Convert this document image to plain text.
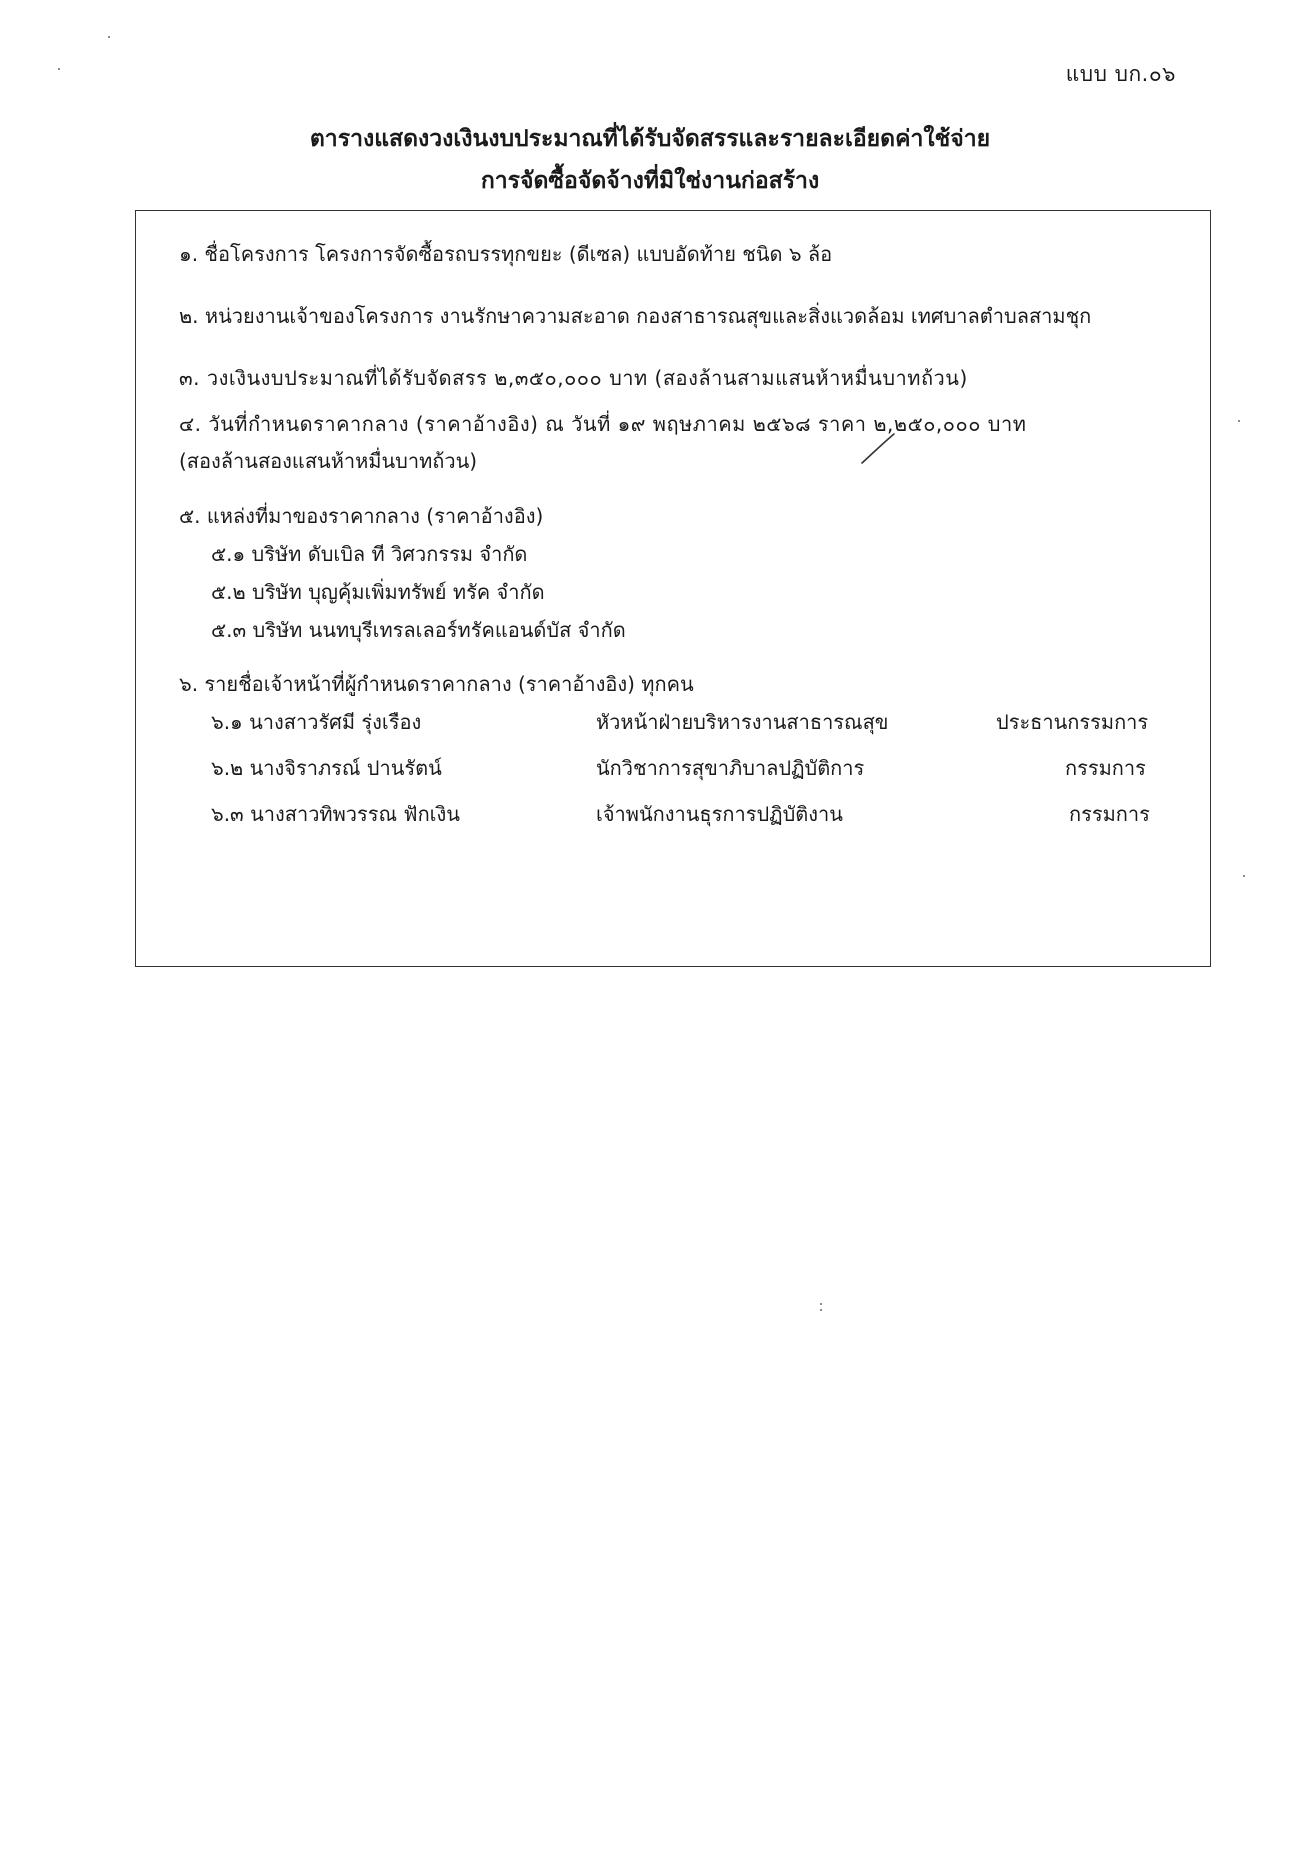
แบบ บก.๐๖
ตารางแสดงวงเงินงบประมาณที่ได้รับจัดสรรและรายละเอียดค่าใช้จ่าย
การจัดซื้อจัดจ้างที่มิใช่งานก่อสร้าง
๑. ชื่อโครงการ โครงการจัดซื้อรถบรรทุกขยะ (ดีเซล) แบบอัดท้าย ชนิด ๖ ล้อ
๒. หน่วยงานเจ้าของโครงการ งานรักษาความสะอาด กองสาธารณสุขและสิ่งแวดล้อม เทศบาลตำบลสามชุก
๓. วงเงินงบประมาณที่ได้รับจัดสรร ๒,๓๕๐,๐๐๐ บาท (สองล้านสามแสนห้าหมื่นบาทถ้วน)
๔. วันที่กำหนดราคากลาง (ราคาอ้างอิง) ณ วันที่ ๑๙ พฤษภาคม ๒๕๖๘ ราคา ๒,๒๕๐,๐๐๐ บาท
(สองล้านสองแสนห้าหมื่นบาทถ้วน)
๕. แหล่งที่มาของราคากลาง (ราคาอ้างอิง)
๕.๑ บริษัท ดับเบิล ที วิศวกรรม จำกัด
๕.๒ บริษัท บุญคุ้มเพิ่มทรัพย์ ทรัค จำกัด
๕.๓ บริษัท นนทบุรีเทรลเลอร์ทรัคแอนด์บัส จำกัด
๖. รายชื่อเจ้าหน้าที่ผู้กำหนดราคากลาง (ราคาอ้างอิง) ทุกคน
๖.๑ นางสาวรัศมี รุ่งเรือง	หัวหน้าฝ่ายบริหารงานสาธารณสุข	ประธานกรรมการ
๖.๒ นางจิราภรณ์ ปานรัตน์	นักวิชาการสุขาภิบาลปฏิบัติการ	กรรมการ
๖.๓ นางสาวทิพวรรณ ฟักเงิน	เจ้าพนักงานธุรการปฏิบัติงาน	กรรมการ
